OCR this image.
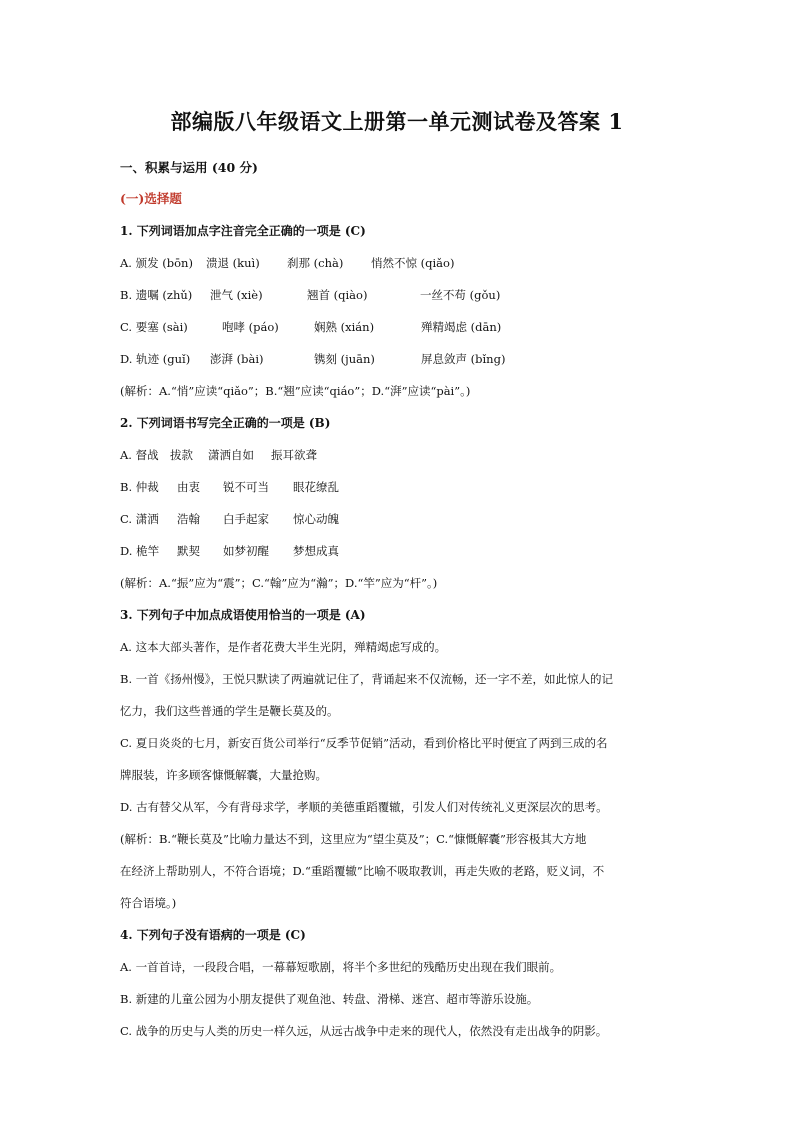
部编版八年级语文上册第一单元测试卷及答案 1
一、积累与运用 (40 分)
(一)选择题
1. 下列词语加点字注音完全正确的一项是 (C)
A. 颁发 (bōn) 溃退 (kuì) 刹那 (chà) 悄然不惊 (qiǎo)
B. 遗嘱 (zhǔ) 泄气 (xiè)	翘首 (qiào)	一丝不苟 (gǒu)
C. 要塞 (sài)	咆哮 (páo)	娴熟 (xián)	殚精竭虑 (dān)
D. 轨迹 (guǐ) 澎湃 (bài)	镌刻 (juān)	屏息敛声 (bǐng)
(解析：A.“悄”应读“qiǎo”；B.“翘”应读“qiáo”；D.“湃”应读“pài”。)
2. 下列词语书写完全正确的一项是 (B)
A. 督战 拔款 潇洒自如 振耳欲聋
B. 仲裁 由衷 锐不可当 眼花缭乱
C. 潇洒 浩翰 白手起家 惊心动魄
D. 桅竿 默契 如梦初醒 梦想成真
(解析：A.“振”应为“震”；C.“翰”应为“瀚”；D.“竿”应为“杆”。)
3. 下列句子中加点成语使用恰当的一项是 (A)
A. 这本大部头著作，是作者花费大半生光阴，殚精竭虑写成的。
B. 一首《扬州慢》，王悦只默读了两遍就记住了，背诵起来不仅流畅，还一字不差，如此惊人的记
忆力，我们这些普通的学生是鞭长莫及的。
C. 夏日炎炎的七月，新安百货公司举行“反季节促销”活动，看到价格比平时便宜了两到三成的名
牌服装，许多顾客慷慨解囊，大量抢购。
D. 古有替父从军，今有背母求学，孝顺的美德重蹈覆辙，引发人们对传统礼义更深层次的思考。
(解析：B.“鞭长莫及”比喻力量达不到，这里应为“望尘莫及”；C.“慷慨解囊”形容极其大方地
在经济上帮助别人，不符合语境；D.“重蹈覆辙”比喻不吸取教训，再走失败的老路，贬义词，不
符合语境。)
4. 下列句子没有语病的一项是 (C)
A. 一首首诗，一段段合唱，一幕幕短歌剧，将半个多世纪的残酷历史出现在我们眼前。
B. 新建的儿童公园为小朋友提供了观鱼池、转盘、滑梯、迷宫、超市等游乐设施。
C. 战争的历史与人类的历史一样久远，从远古战争中走来的现代人，依然没有走出战争的阴影。
